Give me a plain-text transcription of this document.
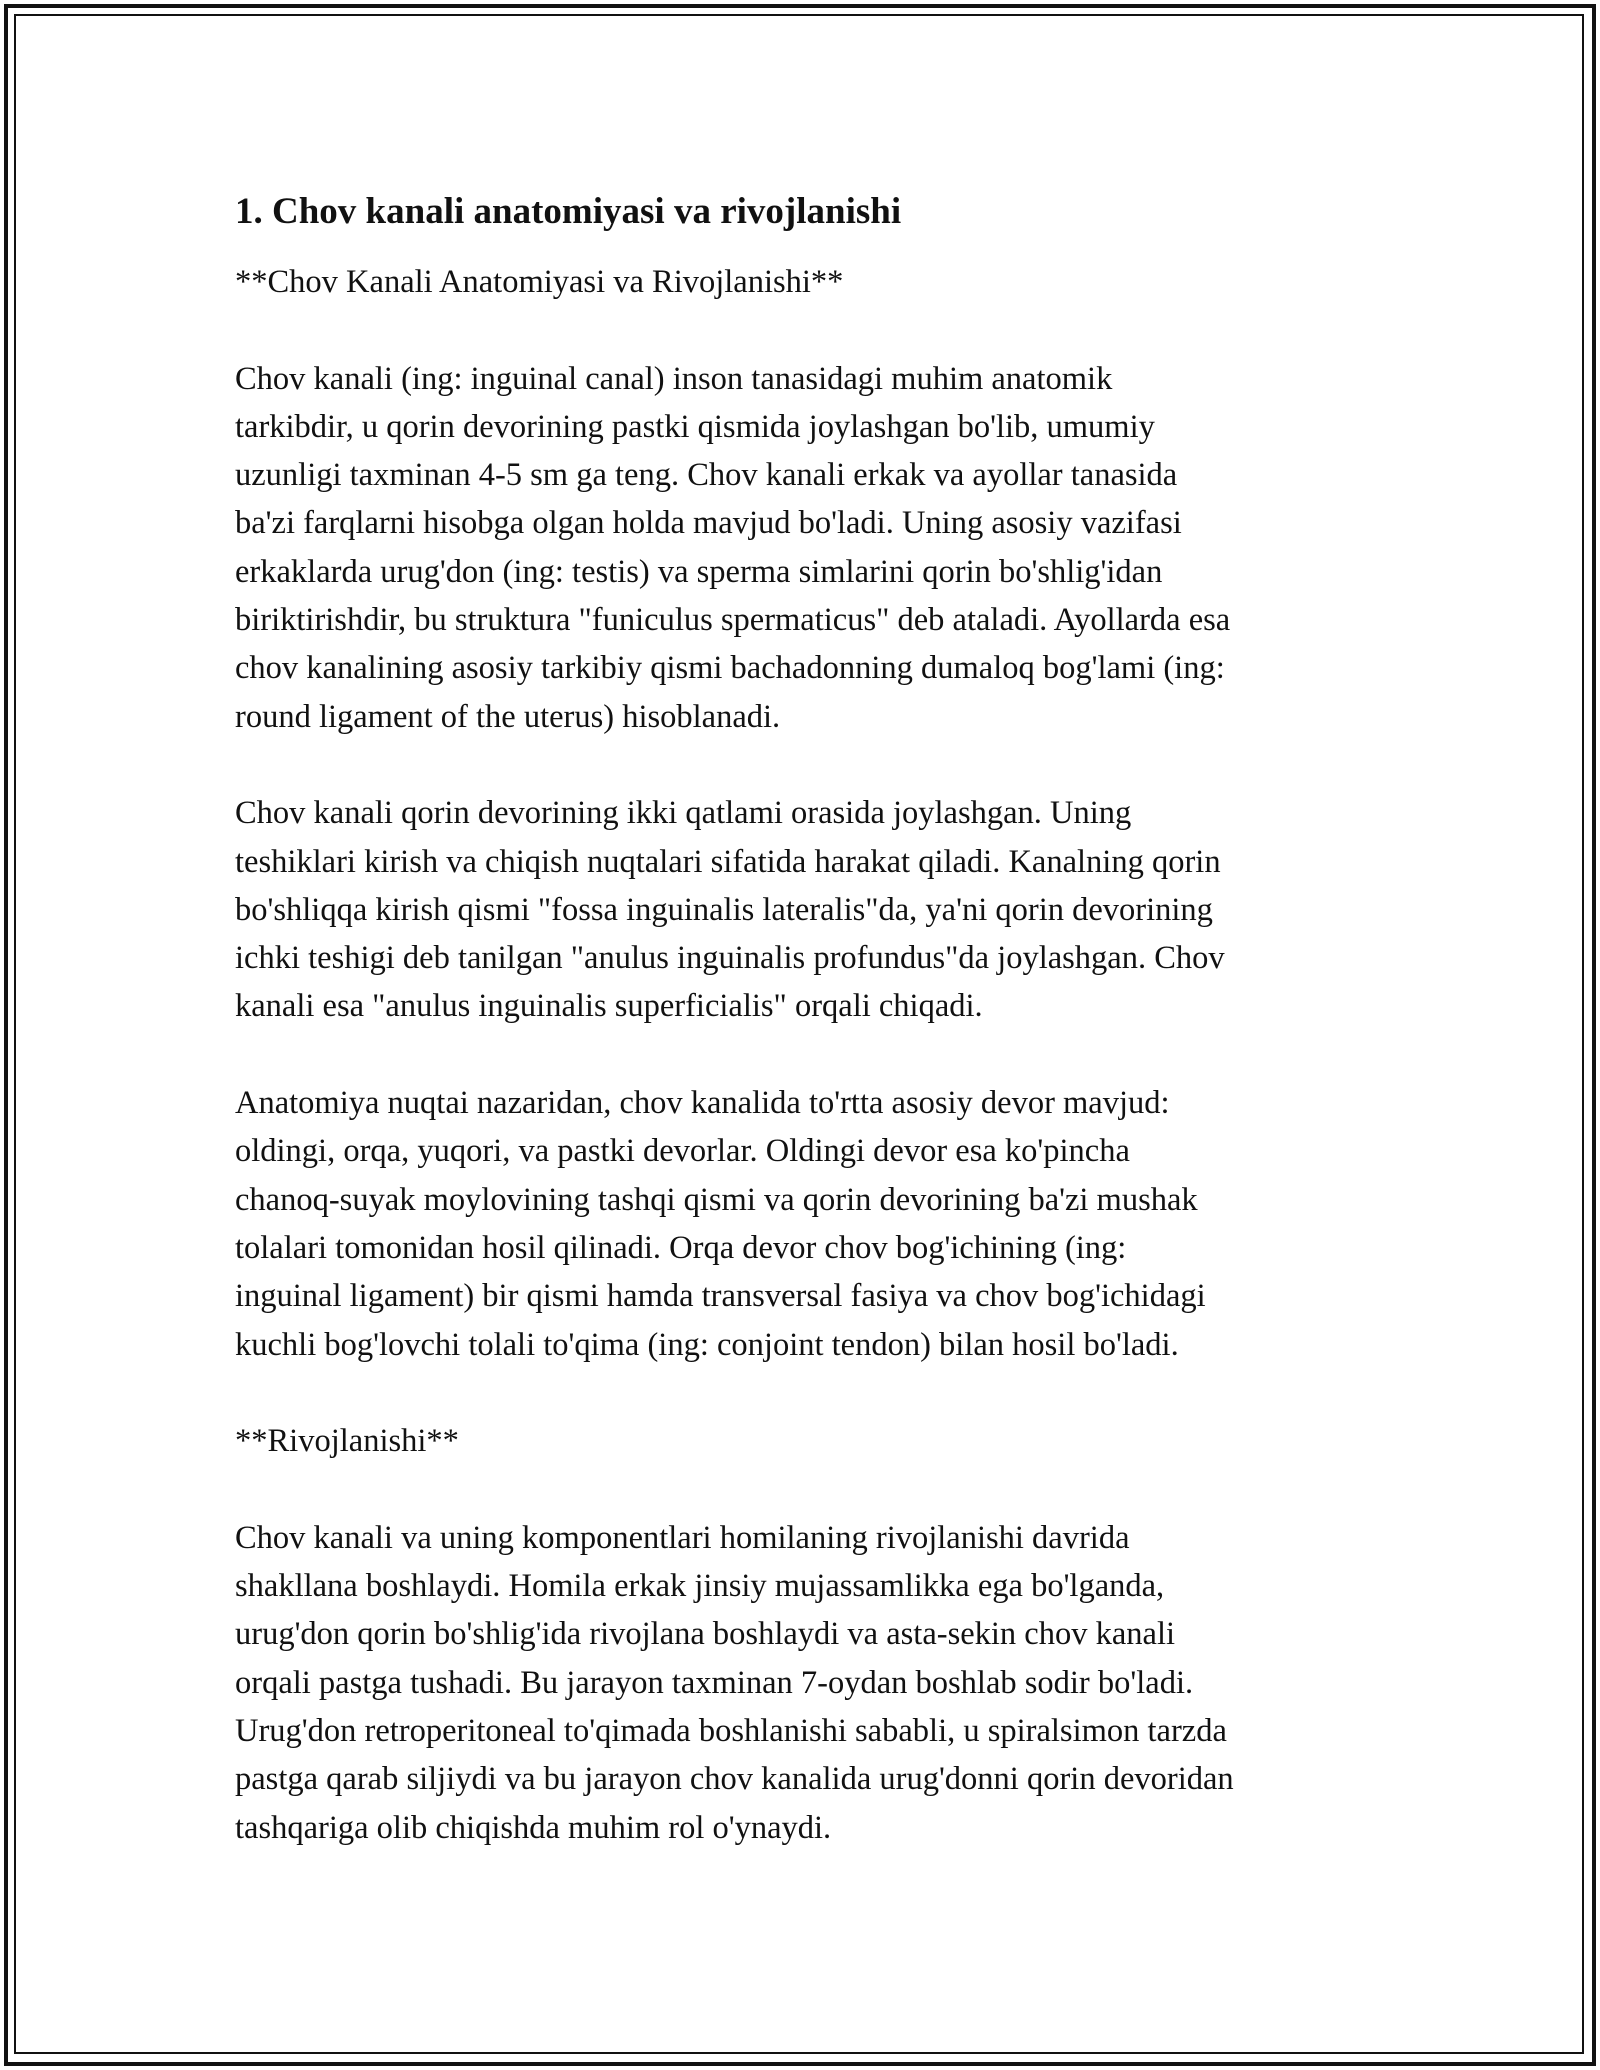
1. Chov kanali anatomiyasi va rivojlanishi
**Chov Kanali Anatomiyasi va Rivojlanishi**
Chov kanali (ing: inguinal canal) inson tanasidagi muhim anatomik
tarkibdir, u qorin devorining pastki qismida joylashgan bo'lib, umumiy
uzunligi taxminan 4-5 sm ga teng. Chov kanali erkak va ayollar tanasida
ba'zi farqlarni hisobga olgan holda mavjud bo'ladi. Uning asosiy vazifasi
erkaklarda urug'don (ing: testis) va sperma simlarini qorin bo'shlig'idan
biriktirishdir, bu struktura "funiculus spermaticus" deb ataladi. Ayollarda esa
chov kanalining asosiy tarkibiy qismi bachadonning dumaloq bog'lami (ing:
round ligament of the uterus) hisoblanadi.
Chov kanali qorin devorining ikki qatlami orasida joylashgan. Uning
teshiklari kirish va chiqish nuqtalari sifatida harakat qiladi. Kanalning qorin
bo'shliqqa kirish qismi "fossa inguinalis lateralis"da, ya'ni qorin devorining
ichki teshigi deb tanilgan "anulus inguinalis profundus"da joylashgan. Chov
kanali esa "anulus inguinalis superficialis" orqali chiqadi.
Anatomiya nuqtai nazaridan, chov kanalida to'rtta asosiy devor mavjud:
oldingi, orqa, yuqori, va pastki devorlar. Oldingi devor esa ko'pincha
chanoq-suyak moylovining tashqi qismi va qorin devorining ba'zi mushak
tolalari tomonidan hosil qilinadi. Orqa devor chov bog'ichining (ing:
inguinal ligament) bir qismi hamda transversal fasiya va chov bog'ichidagi
kuchli bog'lovchi tolali to'qima (ing: conjoint tendon) bilan hosil bo'ladi.
**Rivojlanishi**
Chov kanali va uning komponentlari homilaning rivojlanishi davrida
shakllana boshlaydi. Homila erkak jinsiy mujassamlikka ega bo'lganda,
urug'don qorin bo'shlig'ida rivojlana boshlaydi va asta-sekin chov kanali
orqali pastga tushadi. Bu jarayon taxminan 7-oydan boshlab sodir bo'ladi.
Urug'don retroperitoneal to'qimada boshlanishi sababli, u spiralsimon tarzda
pastga qarab siljiydi va bu jarayon chov kanalida urug'donni qorin devoridan
tashqariga olib chiqishda muhim rol o'ynaydi.
